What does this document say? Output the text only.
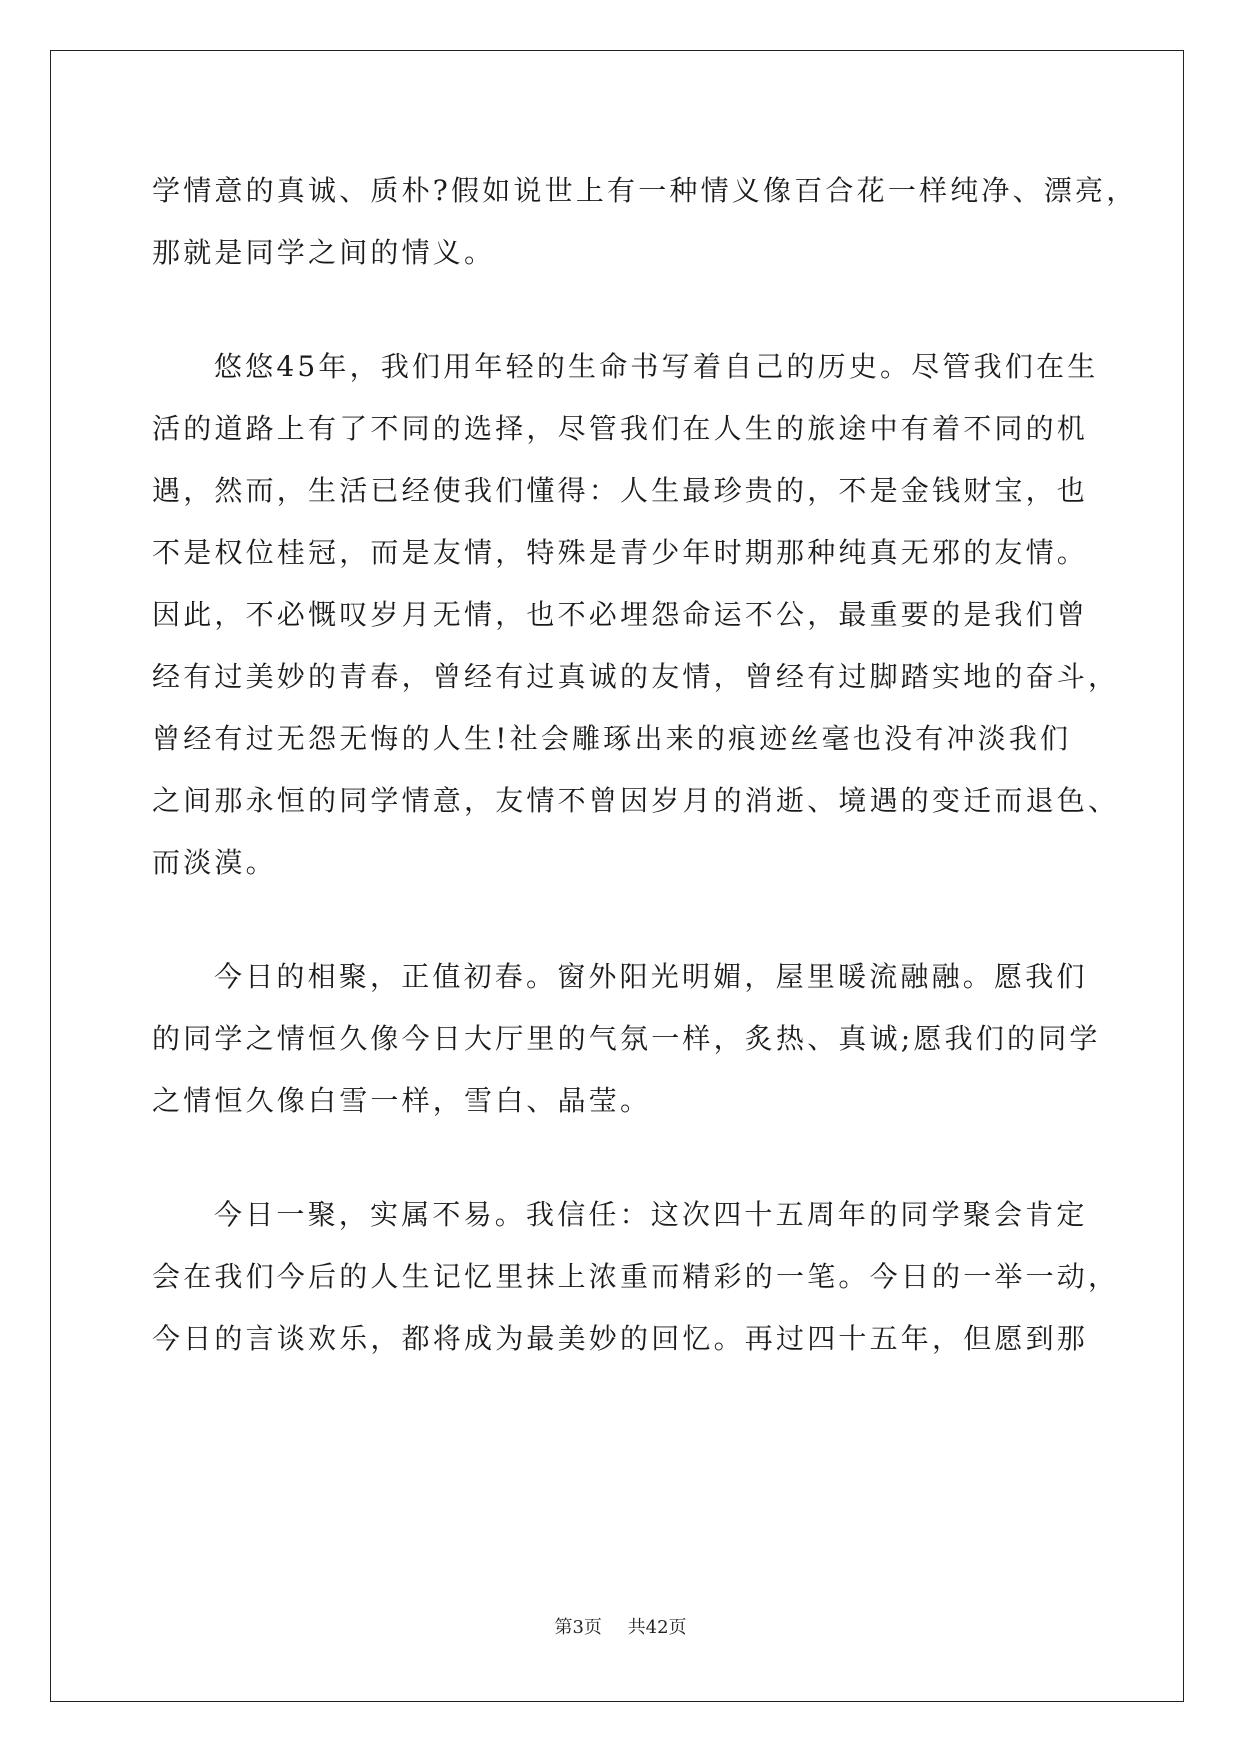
学情意的真诚、质朴?假如说世上有一种情义像百合花一样纯净、漂亮，
那就是同学之间的情义。
悠悠45年，我们用年轻的生命书写着自己的历史。尽管我们在生
活的道路上有了不同的选择，尽管我们在人生的旅途中有着不同的机
遇，然而，生活已经使我们懂得：人生最珍贵的，不是金钱财宝，也
不是权位桂冠，而是友情，特殊是青少年时期那种纯真无邪的友情。
因此，不必慨叹岁月无情，也不必埋怨命运不公，最重要的是我们曾
经有过美妙的青春，曾经有过真诚的友情，曾经有过脚踏实地的奋斗，
曾经有过无怨无悔的人生!社会雕琢出来的痕迹丝毫也没有冲淡我们
之间那永恒的同学情意，友情不曾因岁月的消逝、境遇的变迁而退色、
而淡漠。
今日的相聚，正值初春。窗外阳光明媚，屋里暖流融融。愿我们
的同学之情恒久像今日大厅里的气氛一样，炙热、真诚;愿我们的同学
之情恒久像白雪一样，雪白、晶莹。
今日一聚，实属不易。我信任：这次四十五周年的同学聚会肯定
会在我们今后的人生记忆里抹上浓重而精彩的一笔。今日的一举一动，
今日的言谈欢乐，都将成为最美妙的回忆。再过四十五年，但愿到那
第3页 共42页
